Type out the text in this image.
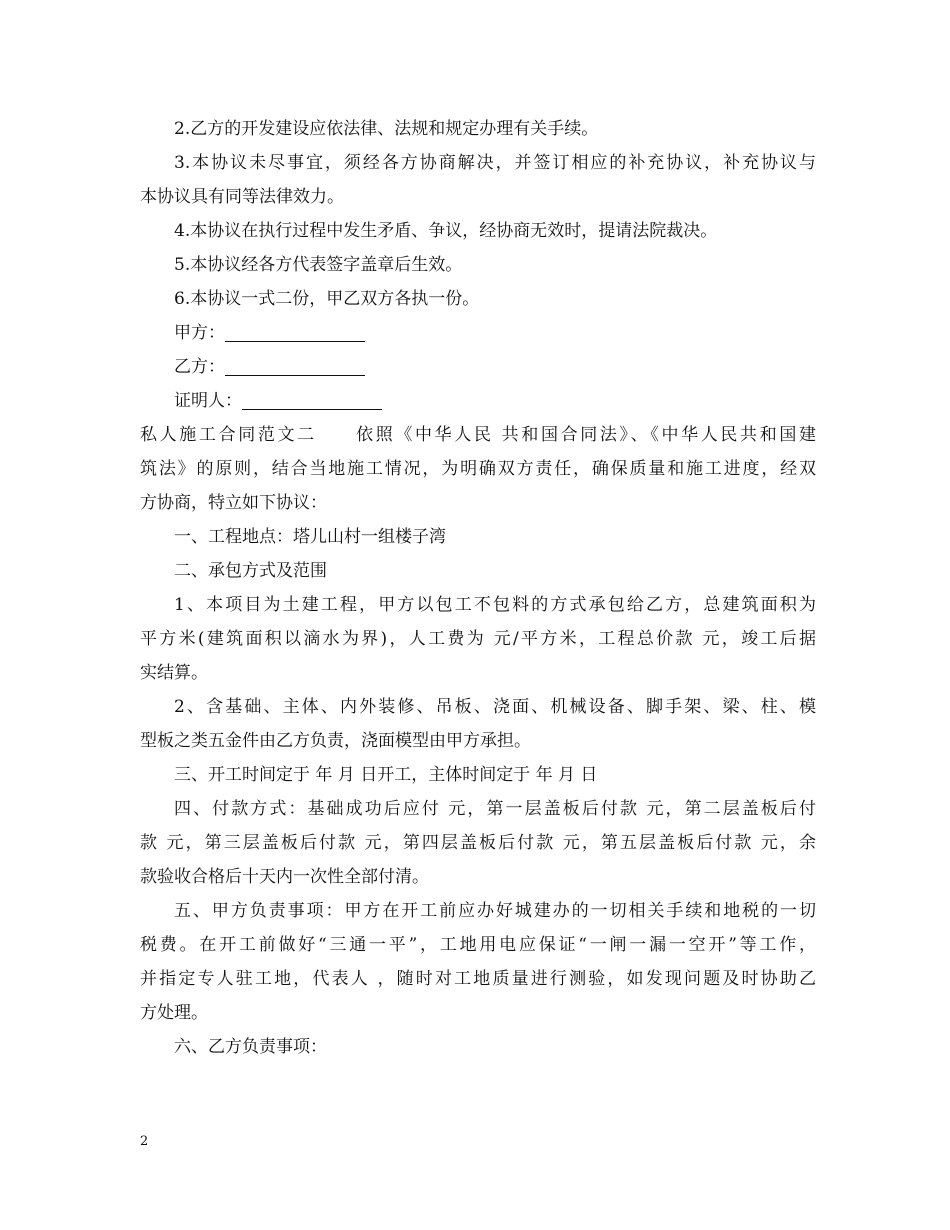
2.乙方的开发建设应依法律、法规和规定办理有关手续。

3.本协议未尽事宜，须经各方协商解决，并签订相应的补充协议，补充协议与

本协议具有同等法律效力。

4.本协议在执行过程中发生矛盾、争议，经协商无效时，提请法院裁决。

5.本协议经各方代表签字盖章后生效。

6.本协议一式二份，甲乙双方各执一份。

甲方：

乙方：

证明人：

私人施工合同范文二　　依照《中华人民 共和国合同法》、《中华人民共和国建

筑法》的原则，结合当地施工情况，为明确双方责任，确保质量和施工进度，经双

方协商，特立如下协议：

一、工程地点：塔儿山村一组楼子湾

二、承包方式及范围

1、本项目为土建工程，甲方以包工不包料的方式承包给乙方，总建筑面积为

平方米(建筑面积以滴水为界)，人工费为 元/平方米，工程总价款 元，竣工后据

实结算。

2、含基础、主体、内外装修、吊板、浇面、机械设备、脚手架、梁、柱、模

型板之类五金件由乙方负责，浇面模型由甲方承担。

三、开工时间定于 年 月 日开工，主体时间定于 年 月 日

四、付款方式：基础成功后应付 元，第一层盖板后付款 元，第二层盖板后付

款 元，第三层盖板后付款 元，第四层盖板后付款 元，第五层盖板后付款 元，余

款验收合格后十天内一次性全部付清。

五、甲方负责事项：甲方在开工前应办好城建办的一切相关手续和地税的一切

税费。在开工前做好“三通一平”，工地用电应保证“一闸一漏一空开”等工作，

并指定专人驻工地，代表人 ，随时对工地质量进行测验，如发现问题及时协助乙

方处理。

六、乙方负责事项：

2
